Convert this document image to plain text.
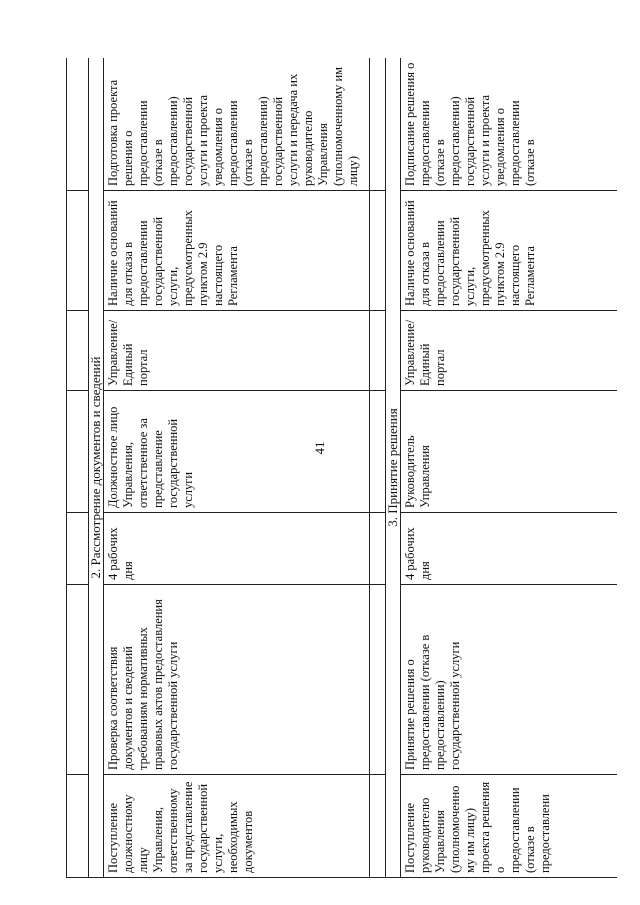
41

2. Рассмотрение документов и сведений						
Поступление должностному лицу Управления, ответственному за представление государственной услуги, необходимых документов	Проверка соответствия документов и сведений требованиям нормативных правовых актов предоставления государственной услуги	4 рабочих дня	Должностное лицо Управления, ответственное за представление государственной услуги	Управление/ Единый портал	Наличие оснований для отказа в предоставлении государственной услуги, предусмотренных пунктом 2.9 настоящего Регламента	Подготовка проекта решения о предоставлении (отказе в предоставлении) государственной услуги и проекта уведомления о предоставлении (отказе в предоставлении) государственной услуги и передача их руководителю Управления (уполномоченному им лицу)

3. Принятие решения						
Поступление руководителю Управления (уполномоченному им лицу) проекта решения о предоставлении (отказе в предоставлени	Принятие решения о предоставлении (отказе в предоставлении) государственной услуги	4 рабочих дня	Руководитель Управления	Управление/ Единый портал	Наличие оснований для отказа в предоставлении государственной услуги, предусмотренных пунктом 2.9 настоящего Регламента	Подписание решения о предоставлении (отказе в предоставлении) государственной услуги и проекта уведомления о предоставлении (отказе в
